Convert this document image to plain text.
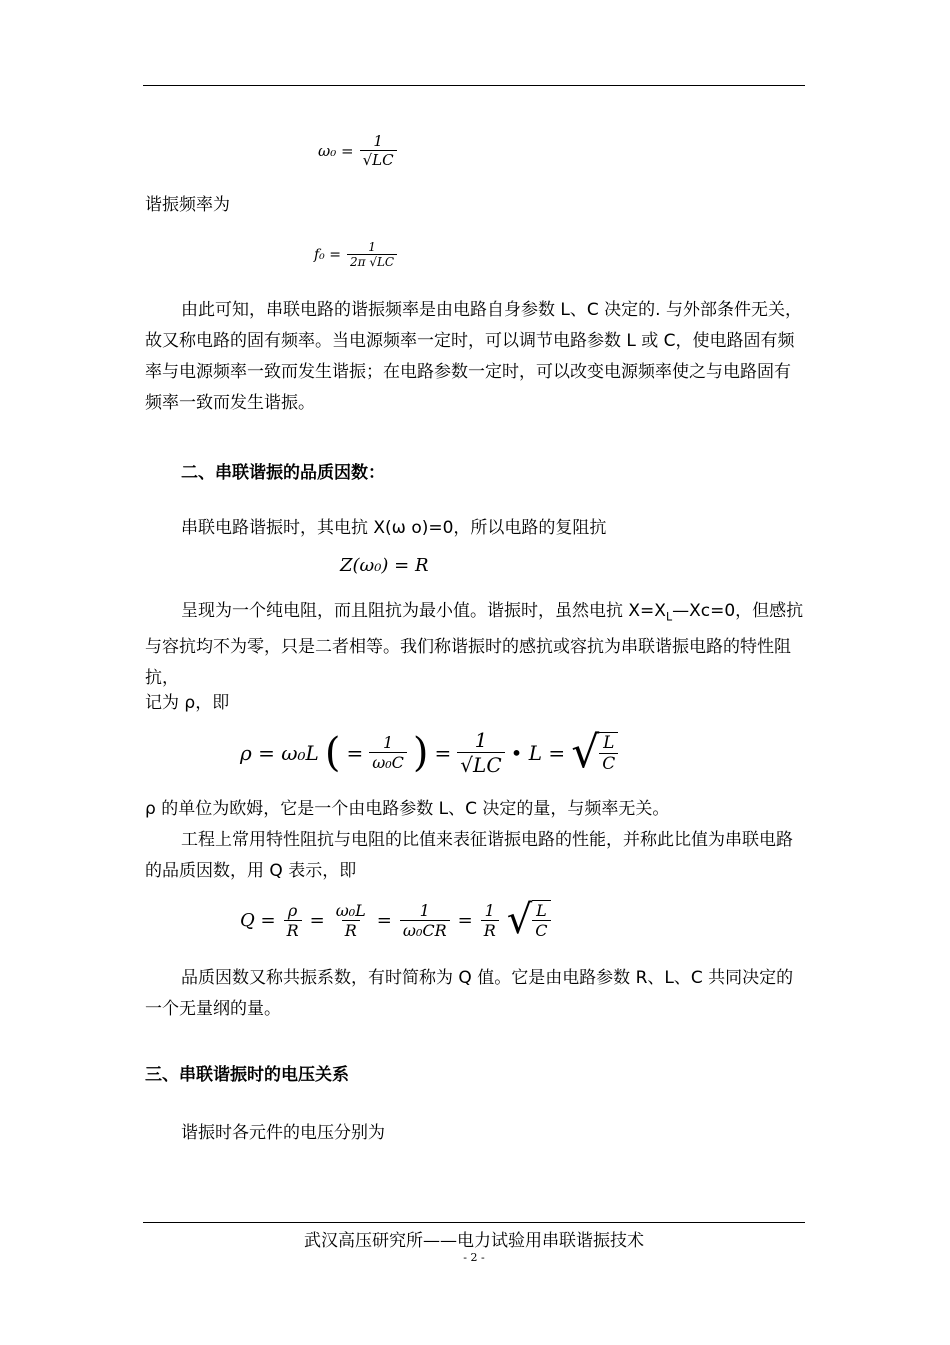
$\omega_0 = \frac{1}{√LC}$

谐振频率为

$f_0 = \frac{1}{2\pi √LC}$

由此可知，串联电路的谐振频率是由电路自身参数 L、C 决定的. 与外部条件无关，故又称电路的固有频率。当电源频率一定时，可以调节电路参数 L 或 C，使电路固有频率与电源频率一致而发生谐振；在电路参数一定时，可以改变电源频率使之与电路固有频率一致而发生谐振。

二、串联谐振的品质因数：

串联电路谐振时，其电抗 X(ω o)=0，所以电路的复阻抗

Z(ω₀) = R

呈现为一个纯电阻，而且阻抗为最小值。谐振时，虽然电抗 $X=X_L—Xc=0$，但感抗与容抗均不为零，只是二者相等。我们称谐振时的感抗或容抗为串联谐振电路的特性阻抗，

记为 ρ，即

ρ = ω₀L ( = $\frac{1}{\text{ω₀C}}$ ) = $\frac{1}{√LC}$ • L = √ $\frac{L}{C}$

ρ 的单位为欧姆，它是一个由电路参数 L、C 决定的量，与频率无关。

工程上常用特性阻抗与电阻的比值来表征谐振电路的性能，并称此比值为串联电路的品质因数，用 Q 表示，即

$Q = \frac{\rho}{R} = \frac{\text{ω₀L}}{R} = \frac{1}{\text{ω₀CR}} = \frac{1}{R}$ √ $\frac{L}{C}$

品质因数又称共振系数，有时简称为 Q 值。它是由电路参数 R、L、C 共同决定的一个无量纲的量。

三、串联谐振时的电压关系

谐振时各元件的电压分别为

武汉高压研究所——电力试验用串联谐振技术
- 2 -
